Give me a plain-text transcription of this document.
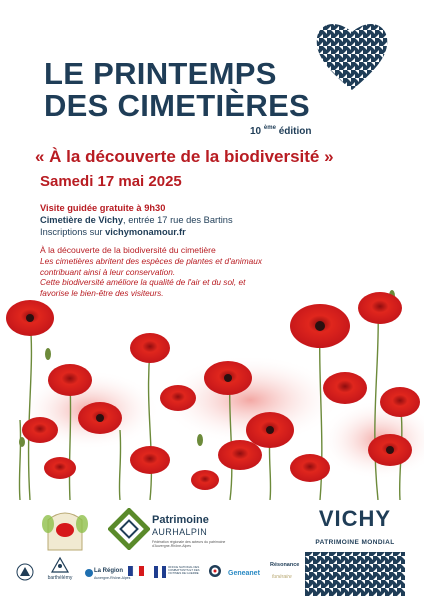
LE PRINTEMPS
DES CIMETIÈRES
10 $^{ème}$ édition
« À la découverte de la biodiversité »
Samedi 17 mai 2025
Visite guidée gratuite à 9h30
Cimetière de Vichy, entrée 17 rue des Bartins
Inscriptions sur vichymonamour.fr
À la découverte de la biodiversité du cimetière
Les cimetières abritent des espèces de plantes et d'animaux
contribuant ainsi à leur conservation.
Cette biodiversité améliore la qualité de l'air et du sol, et
favorise le bien-être des visiteurs.
Patrimoine
AURHALPIN
Fédération régionale des acteurs du patrimoine d'Auvergne-Rhône-Alpes
VICHY
PATRIMOINE MONDIAL
barthélémy
La Région
Auvergne-Rhône-Alpes
OFFICE NATIONAL DES COMBATTANTS ET DES VICTIMES DE GUERRE	Geneanet
Résonance
funéraire
